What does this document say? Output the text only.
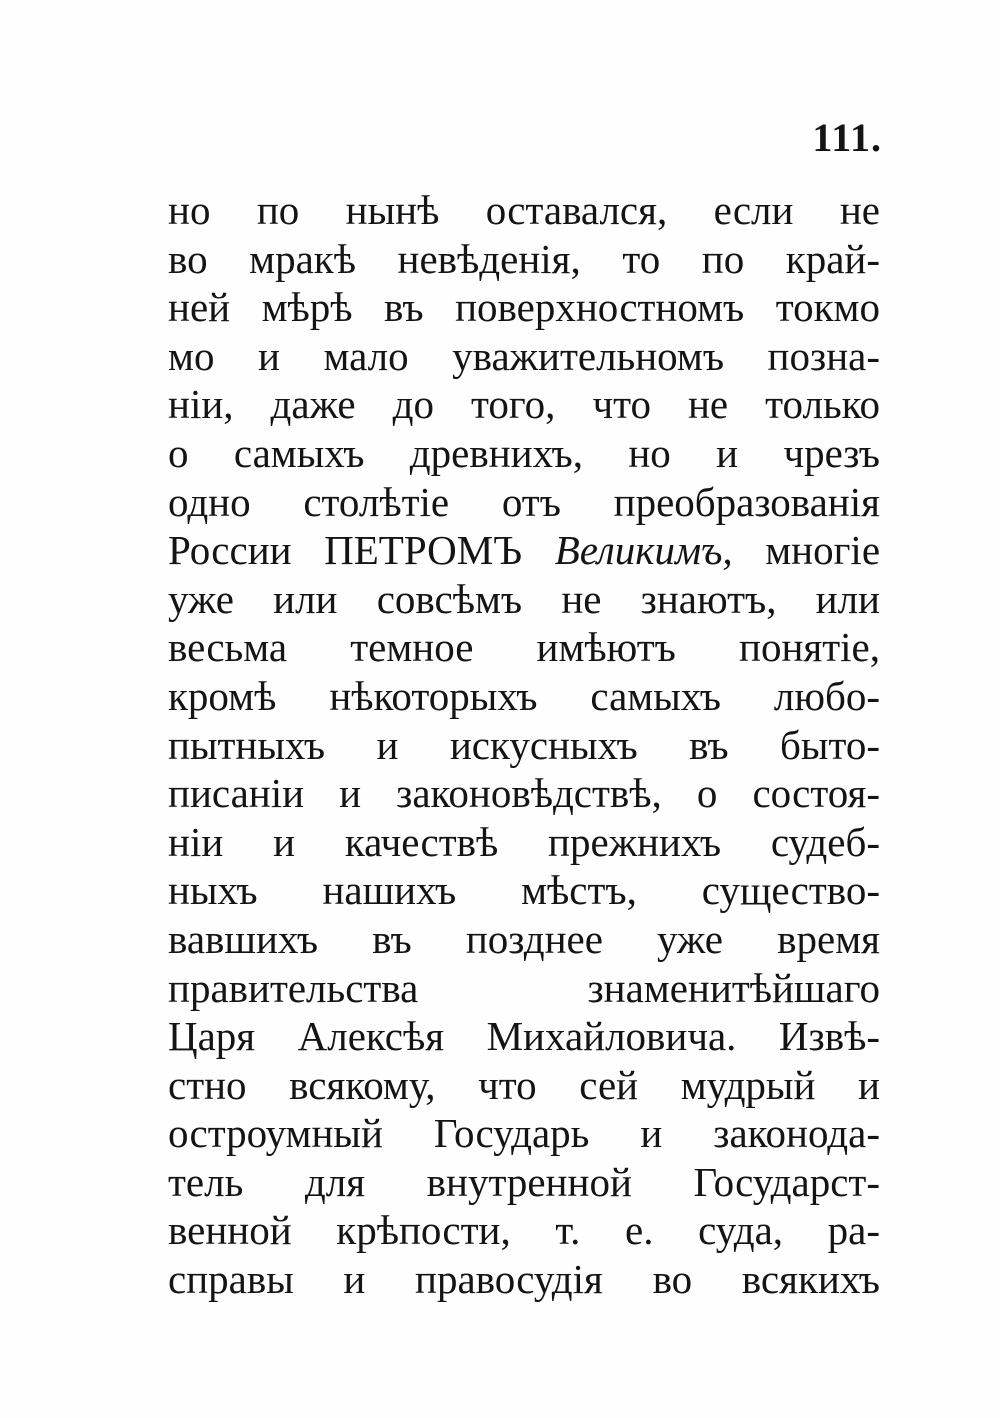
111.
но по нынѣ оставался, если не
во мракѣ невѣденія, то по край-
ней мѣрѣ въ поверхностномъ токмо
мо и мало уважительномъ позна-
нiи, даже до того, что не только
о самыхъ древнихъ, но и чрезъ
одно столѣтiе отъ преобразованiя
России ПЕТРОМЪ Великимъ, многiе
уже или совсѣмъ не знаютъ, или
весьма темное имѣютъ понятiе,
кромѣ нѣкоторыхъ самыхъ любо-
пытныхъ и искусныхъ въ быто-
писанiи и законовѣдствѣ, о состоя-
нiи и качествѣ прежнихъ судеб-
ныхъ нашихъ мѣстъ, существо-
вавшихъ въ позднее уже время
правительства знаменитѣйшаго
Царя Алексѣя Михайловича. Извѣ-
стно всякому, что сей мудрый и
остроумный Государь и законода-
тель для внутренной Государст-
венной крѣпости, т. е. суда, ра-
справы и правосудiя во всякихъ
